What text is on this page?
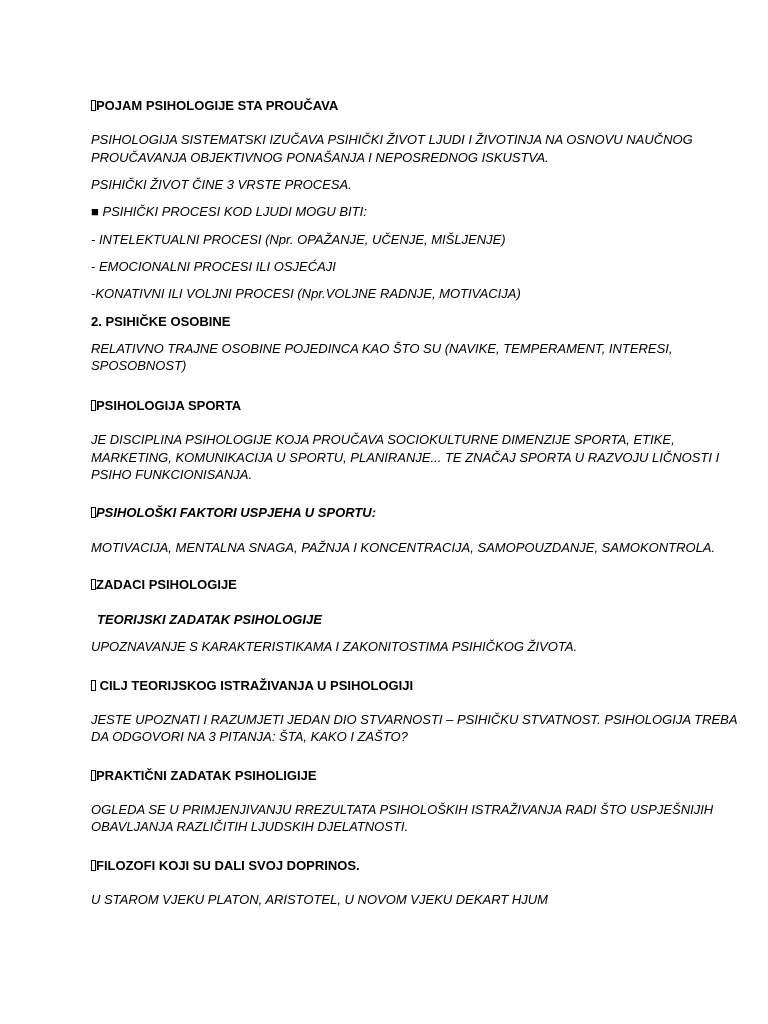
POJAM PSIHOLOGIJE STA PROUČAVA

PSIHOLOGIJA SISTEMATSKI IZUČAVA PSIHIČKI ŽIVOT LJUDI I ŽIVOTINJA NA OSNOVU NAUČNOG

PROUČAVANJA OBJEKTIVNOG PONAŠANJA I NEPOSREDNOG ISKUSTVA.

PSIHIČKI ŽIVOT ČINE 3 VRSTE PROCESA.

■ PSIHIČKI PROCESI KOD LJUDI MOGU BITI:

- INTELEKTUALNI PROCESI (Npr. OPAŽANJE, UČENJE, MIŠLJENJE)

- EMOCIONALNI PROCESI ILI OSJEĆAJI

-KONATIVNI ILI VOLJNI PROCESI (Npr.VOLJNE RADNJE, MOTIVACIJA)

2. PSIHIČKE OSOBINE

RELATIVNO TRAJNE OSOBINE POJEDINCA KAO ŠTO SU (NAVIKE, TEMPERAMENT, INTERESI,

SPOSOBNOST)

PSIHOLOGIJA SPORTA

JE DISCIPLINA PSIHOLOGIJE KOJA PROUČAVA SOCIOKULTURNE DIMENZIJE SPORTA, ETIKE,

MARKETING, KOMUNIKACIJA U SPORTU, PLANIRANJE... TE ZNAČAJ SPORTA U RAZVOJU LIČNOSTI I

PSIHO FUNKCIONISANJA.

PSIHOLOŠKI FAKTORI USPJEHA U SPORTU:

MOTIVACIJA, MENTALNA SNAGA, PAŽNJA I KONCENTRACIJA, SAMOPOUZDANJE, SAMOKONTROLA.

ZADACI PSIHOLOGIJE

TEORIJSKI ZADATAK PSIHOLOGIJE

UPOZNAVANJE S KARAKTERISTIKAMA I ZAKONITOSTIMA PSIHIČKOG ŽIVOTA.

CILJ TEORIJSKOG ISTRAŽIVANJA U PSIHOLOGIJI

JESTE UPOZNATI I RAZUMJETI JEDAN DIO STVARNOSTI – PSIHIČKU STVATNOST. PSIHOLOGIJA TREBA

DA ODGOVORI NA 3 PITANJA: ŠTA, KAKO I ZAŠTO?

PRAKTIČNI ZADATAK PSIHOLIGIJE

OGLEDA SE U PRIMJENJIVANJU RREZULTATA PSIHOLOŠKIH ISTRAŽIVANJA RADI ŠTO USPJEŠNIJIH

OBAVLJANJA RAZLIČITIH LJUDSKIH DJELATNOSTI.

FILOZOFI KOJI SU DALI SVOJ DOPRINOS.

U STAROM VJEKU PLATON, ARISTOTEL, U NOVOM VJEKU DEKART HJUM
